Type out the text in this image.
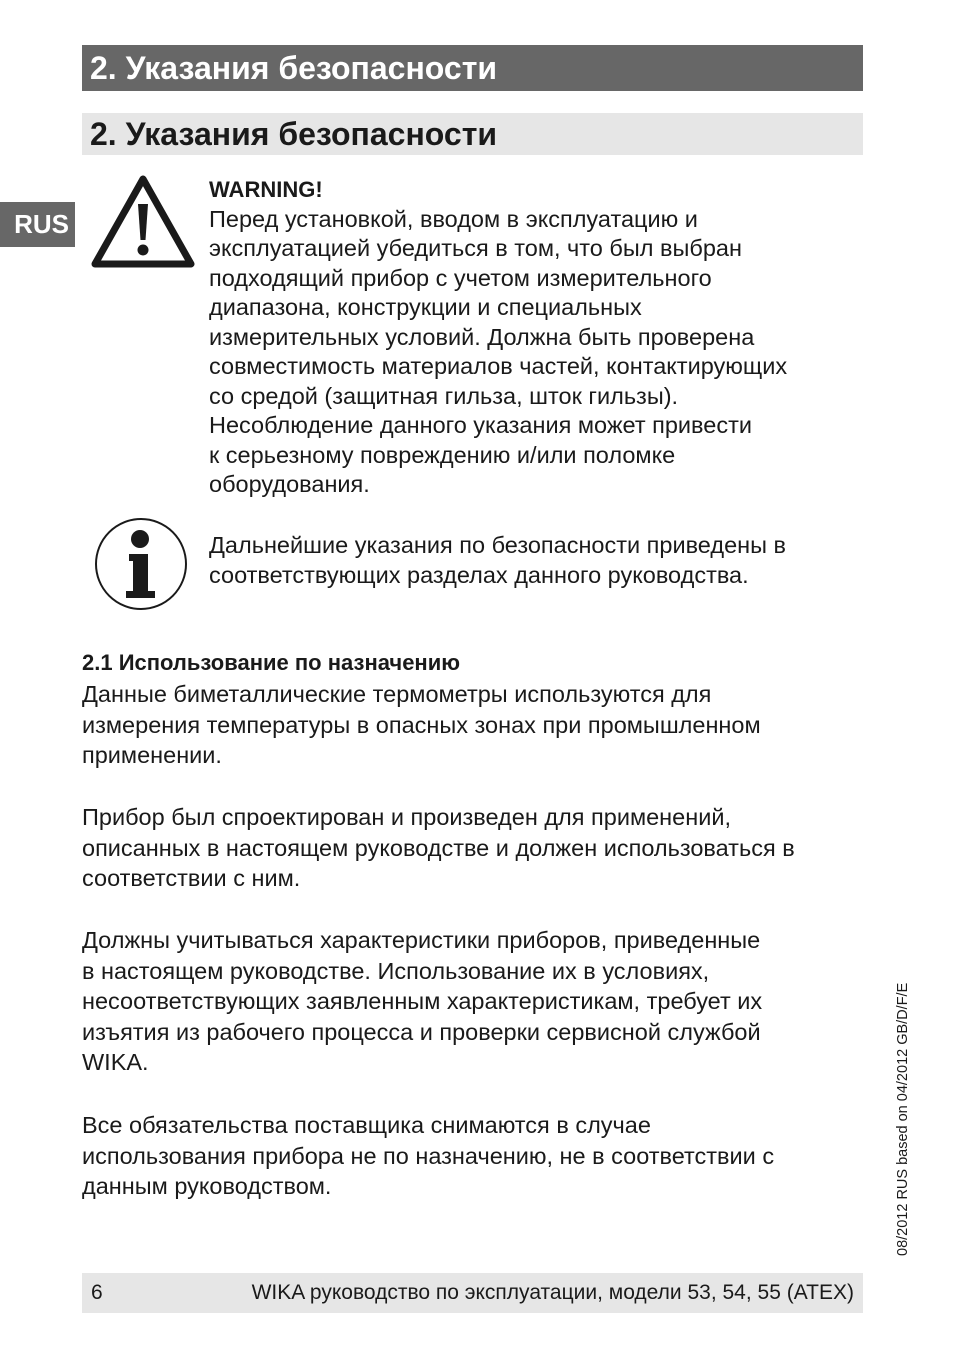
2. Указания безопасности
2. Указания безопасности
RUS
WARNING!
Перед установкой, вводом в эксплуатацию и
эксплуатацией убедиться в том, что был выбран
подходящий прибор с учетом измерительного
диапазона, конструкции и специальных
измерительных условий. Должна быть проверена
совместимость материалов частей, контактирующих
со средой (защитная гильза, шток гильзы).
Несоблюдение данного указания может привести
к серьезному повреждению и/или поломке
оборудования.
Дальнейшие указания по безопасности приведены в
соответствующих разделах данного руководства.
2.1 Использование по назначению
Данные биметаллические термометры используются для
измерения температуры в опасных зонах при промышленном
применении.
Прибор был спроектирован и произведен для применений,
описанных в настоящем руководстве и должен использоваться в
соответствии с ним.
Должны учитываться характеристики приборов, приведенные
в настоящем руководстве. Использование их в условиях,
несоответствующих заявленным характеристикам, требует их
изъятия из рабочего процесса и проверки сервисной службой
WIKA.
Все обязательства поставщика снимаются в случае
использования прибора не по назначению, не в соответствии с
данным руководством.	08/2012 RUS based on 04/2012 GB/D/F/E
6	WIKA руководство по эксплуатации, модели 53, 54, 55 (ATEX)
